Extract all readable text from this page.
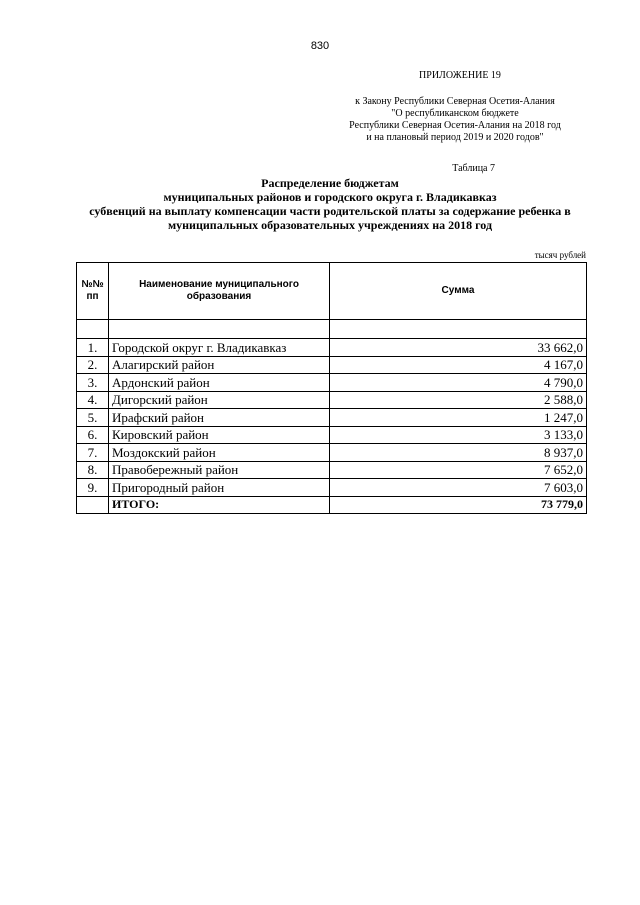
830
ПРИЛОЖЕНИЕ 19
к Закону Республики Северная Осетия-Алания
"О республиканском бюджете
Республики Северная Осетия-Алания на 2018 год
и на плановый период 2019 и 2020 годов"
Таблица 7
Распределение бюджетам
муниципальных районов и городского округа г. Владикавказ
субвенций на выплату компенсации части родительской платы за содержание ребенка в
муниципальных образовательных учреждениях на 2018 год
тысяч рублей
№№ пп	Наименование муниципального образования	Сумма

1.	Городской округ г. Владикавказ	33 662,0
2.	Алагирский район	4 167,0
3.	Ардонский район	4 790,0
4.	Дигорский район	2 588,0
5.	Ирафский район	1 247,0
6.	Кировский район	3 133,0
7.	Моздокский район	8 937,0
8.	Правобережный район	7 652,0
9.	Пригородный район	7 603,0
	ИТОГО:	73 779,0
